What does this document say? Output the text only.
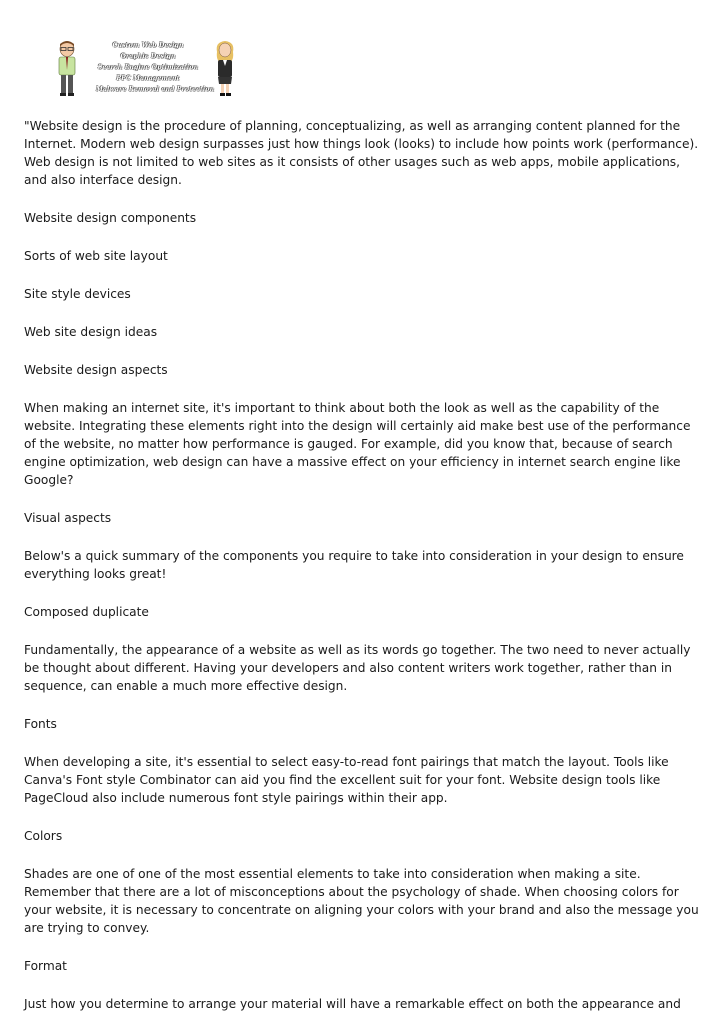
Custom Web Design
Graphic Design
Search Engine Optimization
PPC Management
Malware Removal and Protection

"Website design is the procedure of planning, conceptualizing, as well as arranging content planned for the Internet. Modern web design surpasses just how things look (looks) to include how points work (performance). Web design is not limited to web sites as it consists of other usages such as web apps, mobile applications, and also interface design.

Website design components

Sorts of web site layout

Site style devices

Web site design ideas

Website design aspects

When making an internet site, it's important to think about both the look as well as the capability of the website. Integrating these elements right into the design will certainly aid make best use of the performance of the website, no matter how performance is gauged. For example, did you know that, because of search engine optimization, web design can have a massive effect on your efficiency in internet search engine like Google?

Visual aspects

Below's a quick summary of the components you require to take into consideration in your design to ensure everything looks great!

Composed duplicate

Fundamentally, the appearance of a website as well as its words go together. The two need to never actually be thought about different. Having your developers and also content writers work together, rather than in sequence, can enable a much more effective design.

Fonts

When developing a site, it's essential to select easy-to-read font pairings that match the layout. Tools like Canva's Font style Combinator can aid you find the excellent suit for your font. Website design tools like PageCloud also include numerous font style pairings within their app.

Colors

Shades are one of one of the most essential elements to take into consideration when making a site. Remember that there are a lot of misconceptions about the psychology of shade. When choosing colors for your website, it is necessary to concentrate on aligning your colors with your brand and also the message you are trying to convey.

Format

Just how you determine to arrange your material will have a remarkable effect on both the appearance and
